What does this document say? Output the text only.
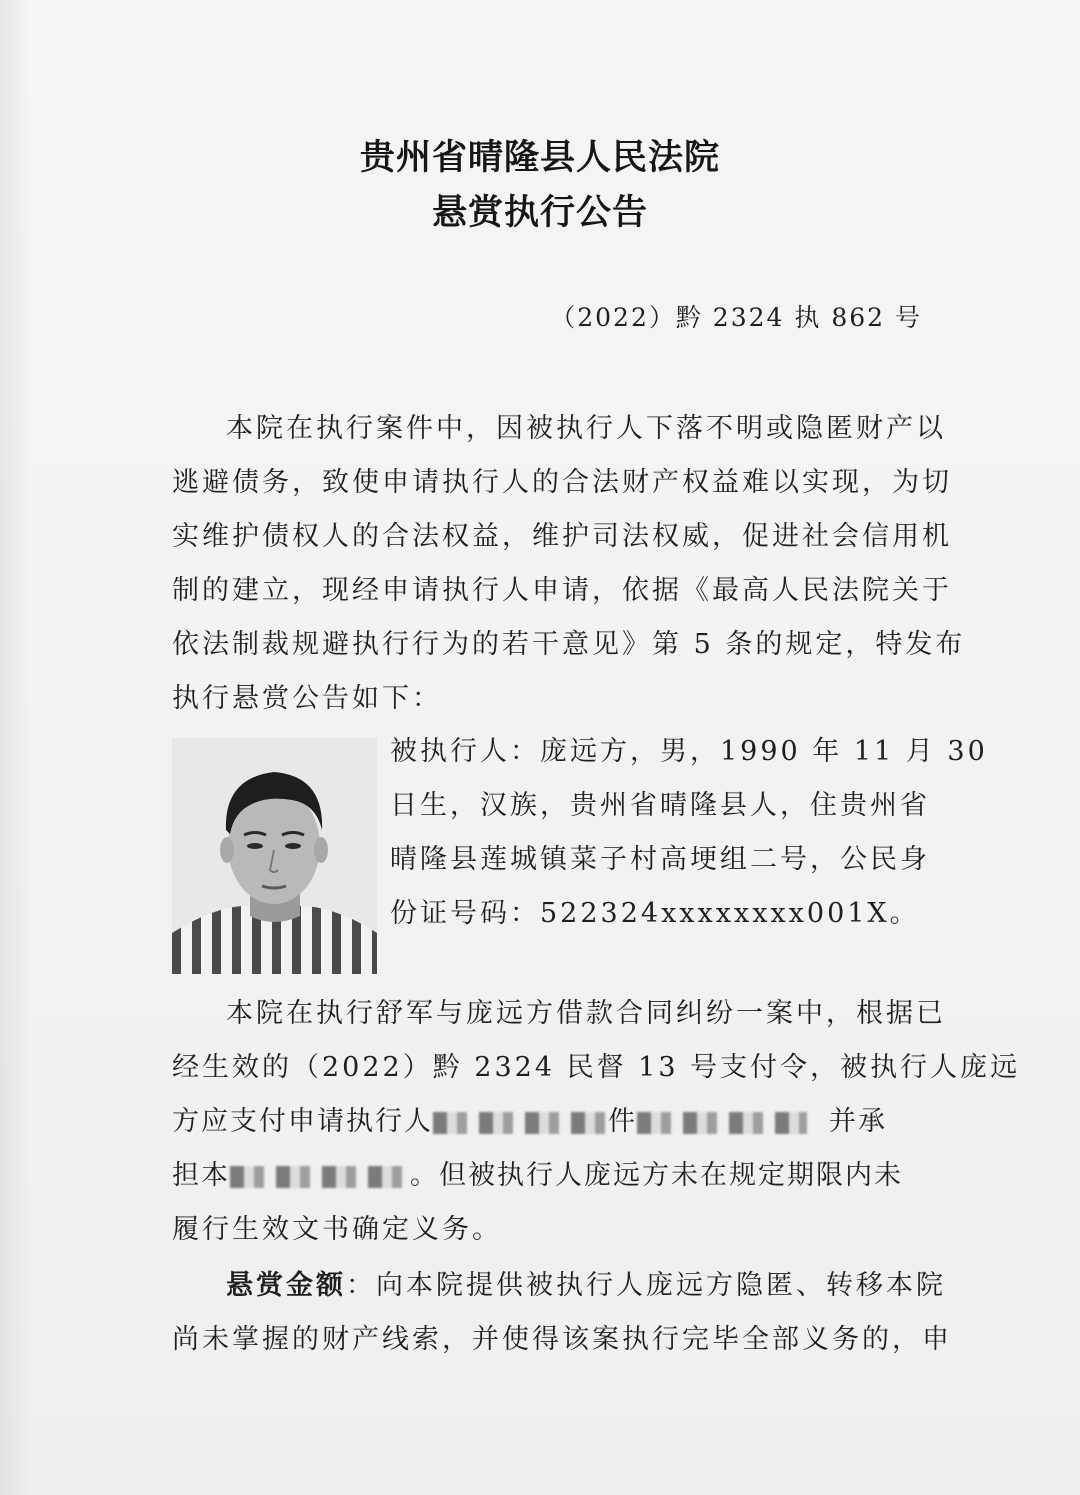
贵州省晴隆县人民法院
悬赏执行公告
（2022）黔 2324 执 862 号
本院在执行案件中，因被执行人下落不明或隐匿财产以
逃避债务，致使申请执行人的合法财产权益难以实现，为切
实维护债权人的合法权益，维护司法权威，促进社会信用机
制的建立，现经申请执行人申请，依据《最高人民法院关于
依法制裁规避执行行为的若干意见》第 5 条的规定，特发布
执行悬赏公告如下：
被执行人：庞远方，男，1990 年 11 月 30
日生，汉族，贵州省晴隆县人，住贵州省
晴隆县莲城镇菜子村高埂组二号，公民身
份证号码：522324xxxxxxxx001X。
本院在执行舒军与庞远方借款合同纠纷一案中，根据已
经生效的（2022）黔 2324 民督 13 号支付令，被执行人庞远
方应支付申请执行人	件	并承
担本	。但被执行人庞远方未在规定期限内未
履行生效文书确定义务。
悬赏金额：向本院提供被执行人庞远方隐匿、转移本院
尚未掌握的财产线索，并使得该案执行完毕全部义务的，申
